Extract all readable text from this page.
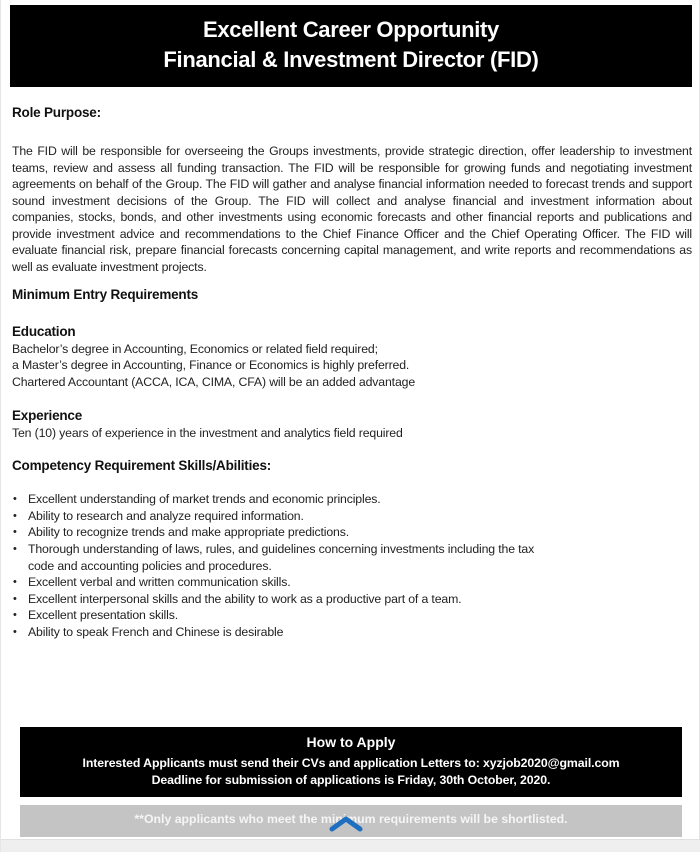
Excellent Career Opportunity
Financial & Investment Director (FID)
Role Purpose:

The FID will be responsible for overseeing the Groups investments, provide strategic direction, offer leadership to investment teams, review and assess all funding transaction. The FID will be responsible for growing funds and negotiating investment agreements on behalf of the Group. The FID will gather and analyse financial information needed to forecast trends and support sound investment decisions of the Group. The FID will collect and analyse financial and investment information about companies, stocks, bonds, and other investments using economic forecasts and other financial reports and publications and provide investment advice and recommendations to the Chief Finance Officer and the Chief Operating Officer. The FID will evaluate financial risk, prepare financial forecasts concerning capital management, and write reports and recommendations as well as evaluate investment projects.

Minimum Entry Requirements
Education
Bachelor’s degree in Accounting, Economics or related field required;
a Master’s degree in Accounting, Finance or Economics is highly preferred.
Chartered Accountant (ACCA, ICA, CIMA, CFA) will be an added advantage
Experience
Ten (10) years of experience in the investment and analytics field required
Competency Requirement Skills/Abilities:
• Excellent understanding of market trends and economic principles.
• Ability to research and analyze required information.
• Ability to recognize trends and make appropriate predictions.
• Thorough understanding of laws, rules, and guidelines concerning investments including the tax code and accounting policies and procedures.
• Excellent verbal and written communication skills.
• Excellent interpersonal skills and the ability to work as a productive part of a team.
• Excellent presentation skills.
• Ability to speak French and Chinese is desirable
How to Apply
Interested Applicants must send their CVs and application Letters to: xyzjob2020@gmail.com
Deadline for submission of applications is Friday, 30th October, 2020.
**Only applicants who meet the minimum requirements will be shortlisted.
